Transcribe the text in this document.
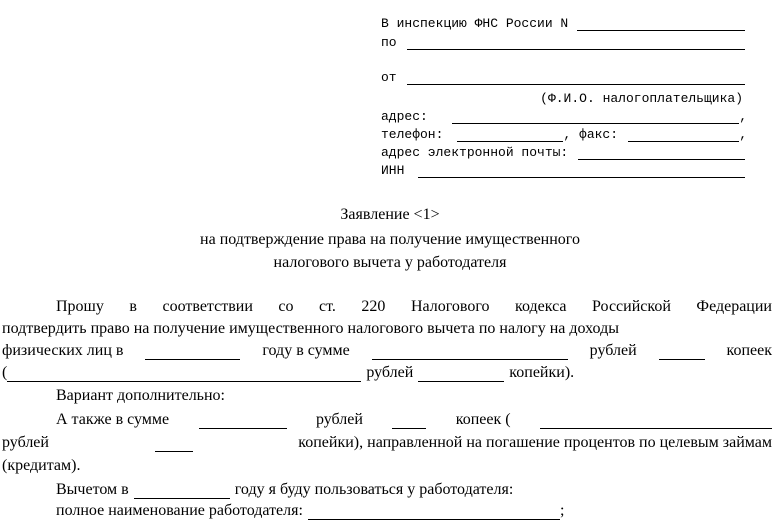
В инспекцию ФНС России N
по
от
(Ф.И.О. налогоплательщика)
адрес:	,
телефон:	, факс:	,
адрес электронной почты:
ИНН
Заявление <1>
на подтверждение права на получение имущественного
налогового вычета у работодателя
Прошу в соответствии со ст. 220 Налогового кодекса Российской Федерации
подтвердить право на получение имущественного налогового вычета по налогу на доходы
физических лиц в	году в сумме	рублей	копеек
(	рублей	копейки).
Вариант дополнительно:
А также в сумме	рублей	копеек (
рублей	копейки), направленной на погашение процентов по целевым займам
(кредитам).
Вычетом в	году я буду пользоваться у работодателя:
полное наименование работодателя:	;
